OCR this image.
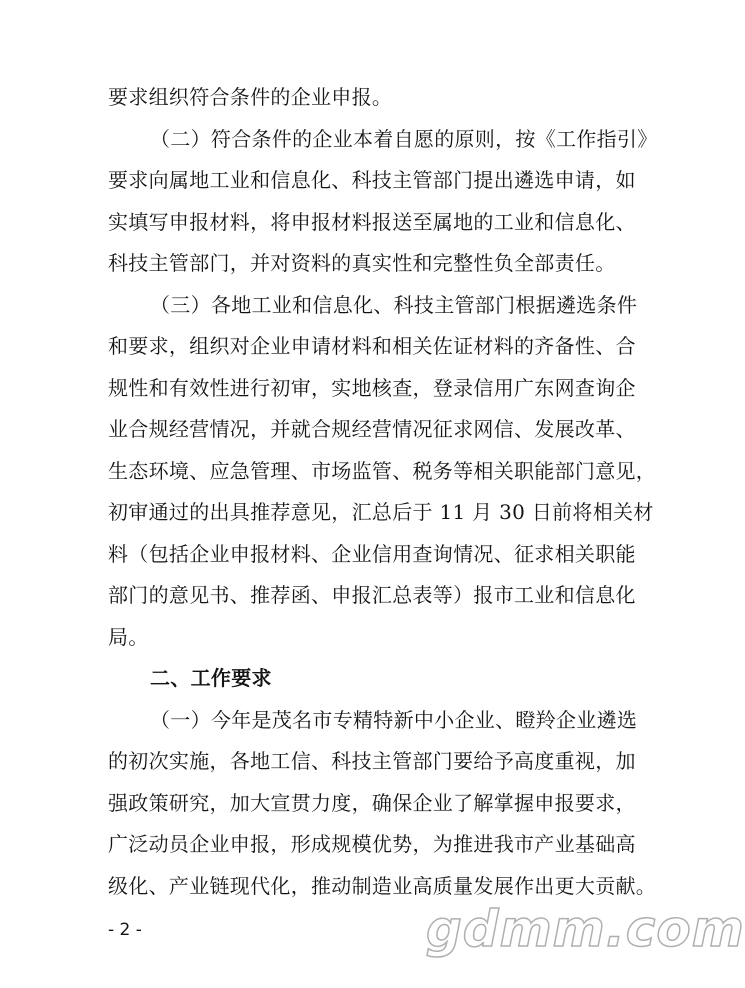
要求组织符合条件的企业申报。
（二）符合条件的企业本着自愿的原则，按《工作指引》
要求向属地工业和信息化、科技主管部门提出遴选申请，如
实填写申报材料，将申报材料报送至属地的工业和信息化、
科技主管部门，并对资料的真实性和完整性负全部责任。
（三）各地工业和信息化、科技主管部门根据遴选条件
和要求，组织对企业申请材料和相关佐证材料的齐备性、合
规性和有效性进行初审，实地核查，登录信用广东网查询企
业合规经营情况，并就合规经营情况征求网信、发展改革、
生态环境、应急管理、市场监管、税务等相关职能部门意见，
初审通过的出具推荐意见，汇总后于 11 月 30 日前将相关材
料（包括企业申报材料、企业信用查询情况、征求相关职能
部门的意见书、推荐函、申报汇总表等）报市工业和信息化
局。
二、工作要求
（一）今年是茂名市专精特新中小企业、瞪羚企业遴选
的初次实施，各地工信、科技主管部门要给予高度重视，加
强政策研究，加大宣贯力度，确保企业了解掌握申报要求，
广泛动员企业申报，形成规模优势，为推进我市产业基础高
- 2 -	gdmm.com
级化、产业链现代化，推动制造业高质量发展作出更大贡献。
